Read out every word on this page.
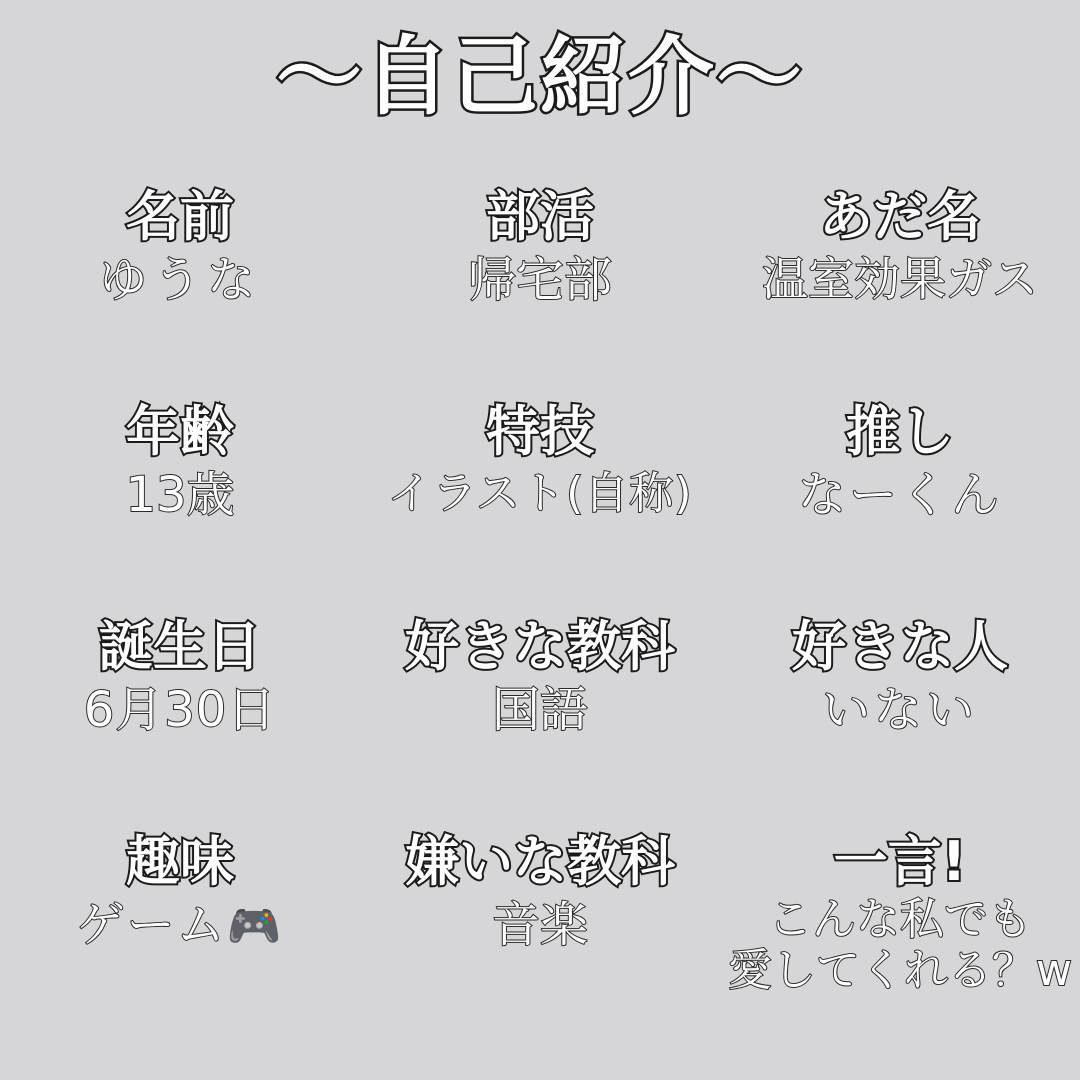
〜自己紹介〜
名前
ゆうな
部活
帰宅部
あだ名
温室効果ガス
年齢
13歳
特技
イラスト(自称)
推し
なーくん
誕生日
6月30日
好きな教科
国語
好きな人
いない
趣味
ゲーム🎮
嫌いな教科
音楽
一言!
こんな私でも
愛してくれる？w
